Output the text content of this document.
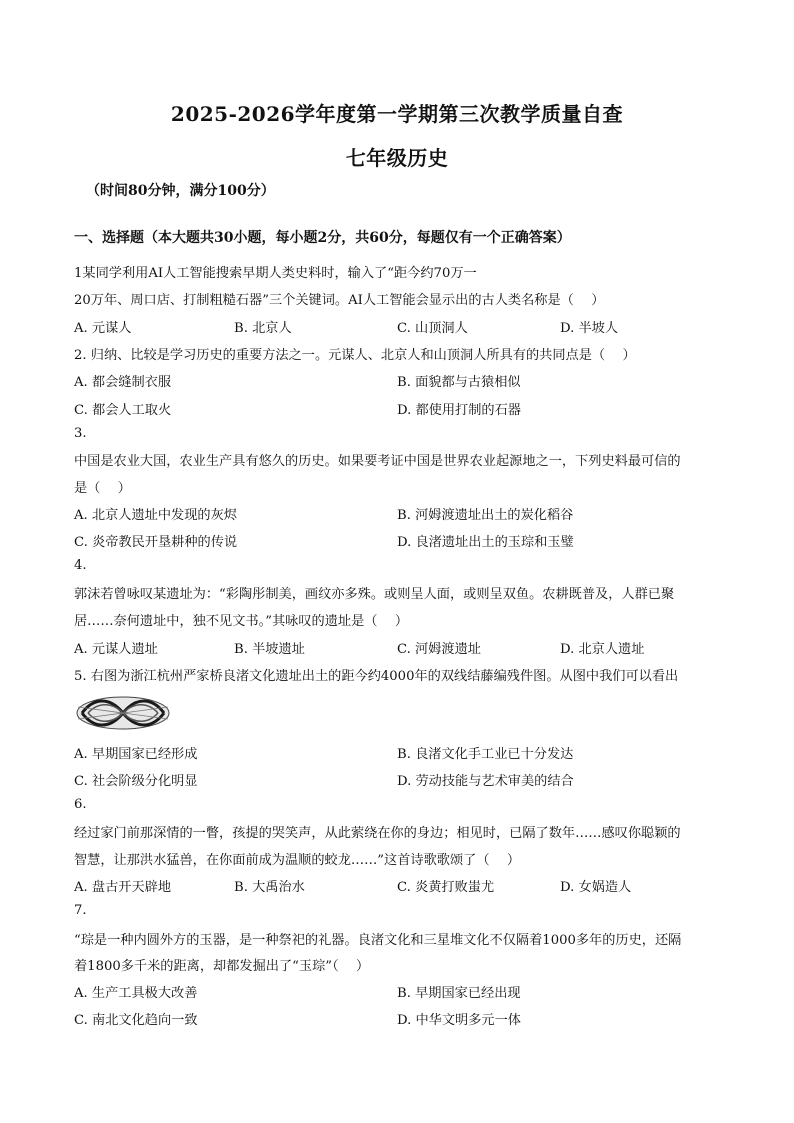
2025-2026学年度第一学期第三次教学质量自查
七年级历史
（时间80分钟，满分100分）
一、选择题（本大题共30小题，每小题2分，共60分，每题仅有一个正确答案）
1某同学利用AI人工智能搜索早期人类史料时，输入了“距今约70万一
20万年、周口店、打制粗糙石器”三个关键词。AI人工智能会显示出的古人类名称是（　 ）
A. 元谋人	B. 北京人	C. 山顶洞人	D. 半坡人
2. 归纳、比较是学习历史的重要方法之一。元谋人、北京人和山顶洞人所具有的共同点是（　 ）
A. 都会缝制衣服	B. 面貌都与古猿相似
C. 都会人工取火	D. 都使用打制的石器
3.
中国是农业大国，农业生产具有悠久的历史。如果要考证中国是世界农业起源地之一，下列史料最可信的
是（　 ）
A. 北京人遗址中发现的灰烬	B. 河姆渡遗址出土的炭化稻谷
C. 炎帝教民开垦耕种的传说	D. 良渚遗址出土的玉琮和玉璧
4.
郭沫若曾咏叹某遗址为：“彩陶彤制美，画纹亦多殊。或则呈人面，或则呈双鱼。农耕既普及，人群已聚
居……奈何遗址中，独不见文书。”其咏叹的遗址是（　 ）
A. 元谋人遗址	B. 半坡遗址	C. 河姆渡遗址	D. 北京人遗址
5. 右图为浙江杭州严家桥良渚文化遗址出土的距今约4000年的双线结藤编残件图。从图中我们可以看出
A. 早期国家已经形成	B. 良渚文化手工业已十分发达
C. 社会阶级分化明显	D. 劳动技能与艺术审美的结合
6.
经过家门前那深情的一瞥，孩提的哭笑声，从此萦绕在你的身边；相见时，已隔了数年……感叹你聪颖的
智慧，让那洪水猛兽，在你面前成为温顺的蛟龙……”这首诗歌歌颂了（　 ）
A. 盘古开天辟地	B. 大禹治水	C. 炎黄打败蚩尤	D. 女娲造人
7.
“琮是一种内圆外方的玉器，是一种祭祀的礼器。良渚文化和三星堆文化不仅隔着1000多年的历史，还隔
着1800多千米的距离，却都发掘出了“玉琮”（　 ）
A. 生产工具极大改善	B. 早期国家已经出现
C. 南北文化趋向一致	D. 中华文明多元一体
